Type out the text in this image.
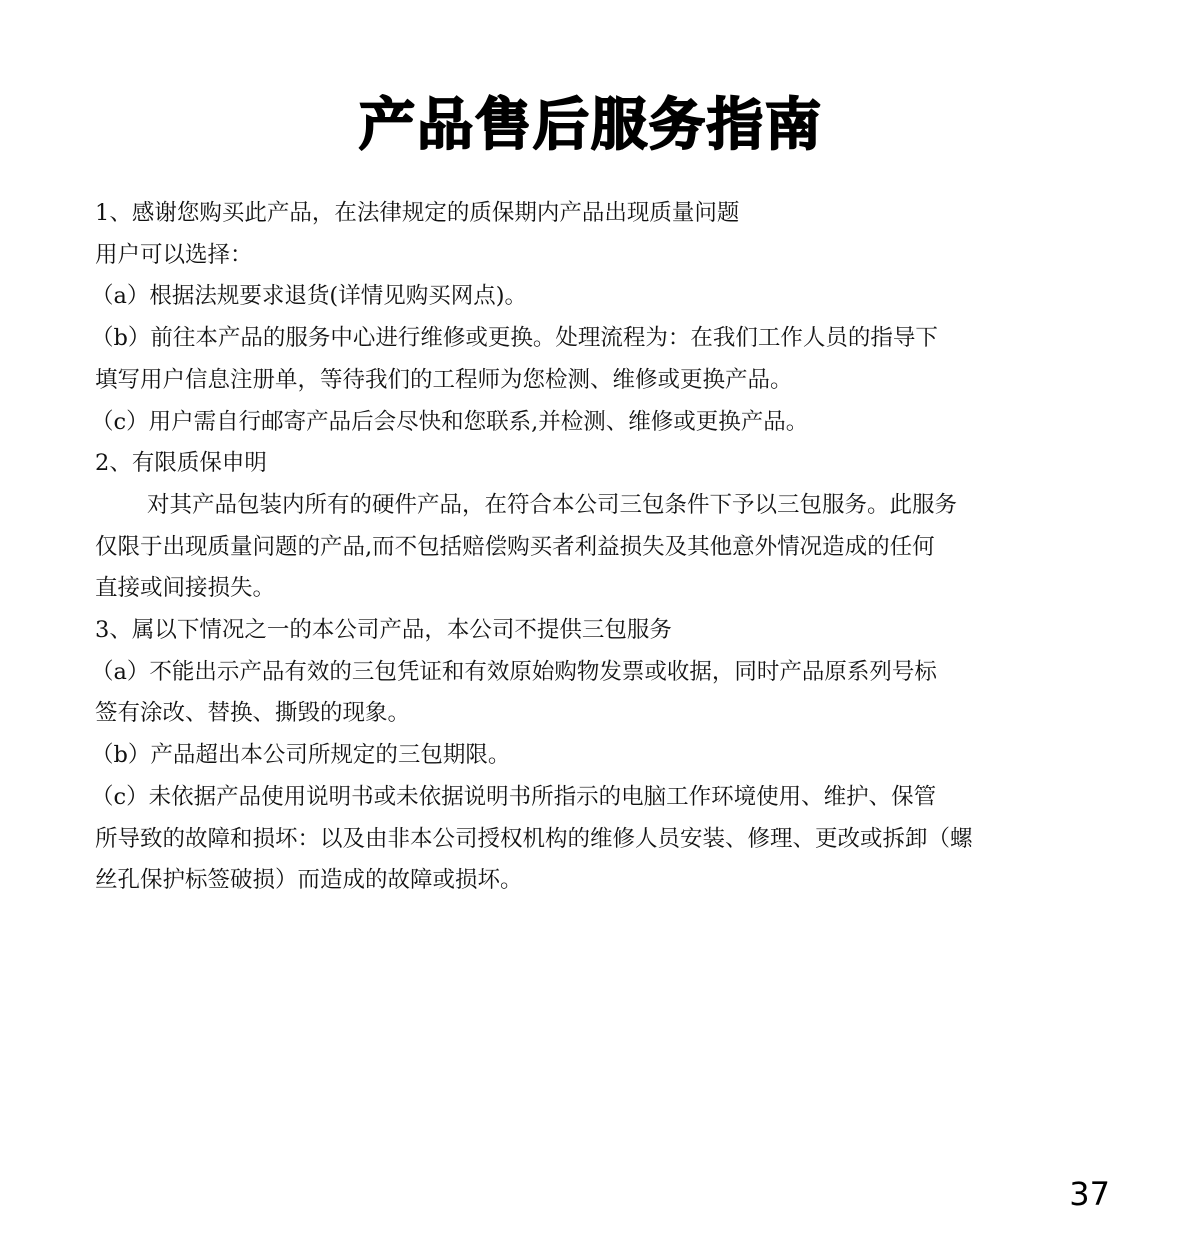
产品售后服务指南
1、感谢您购买此产品，在法律规定的质保期内产品出现质量问题
用户可以选择：
（a）根据法规要求退货(详情见购买网点)。
（b）前往本产品的服务中心进行维修或更换。处理流程为：在我们工作人员的指导下
填写用户信息注册单，等待我们的工程师为您检测、维修或更换产品。
（c）用户需自行邮寄产品后会尽快和您联系,并检测、维修或更换产品。
2、有限质保申明
对其产品包装内所有的硬件产品，在符合本公司三包条件下予以三包服务。此服务
仅限于出现质量问题的产品,而不包括赔偿购买者利益损失及其他意外情况造成的任何
直接或间接损失。
3、属以下情况之一的本公司产品，本公司不提供三包服务
（a）不能出示产品有效的三包凭证和有效原始购物发票或收据，同时产品原系列号标
签有涂改、替换、撕毁的现象。
（b）产品超出本公司所规定的三包期限。
（c）未依据产品使用说明书或未依据说明书所指示的电脑工作环境使用、维护、保管
所导致的故障和损坏：以及由非本公司授权机构的维修人员安装、修理、更改或拆卸（螺
丝孔保护标签破损）而造成的故障或损坏。
37
